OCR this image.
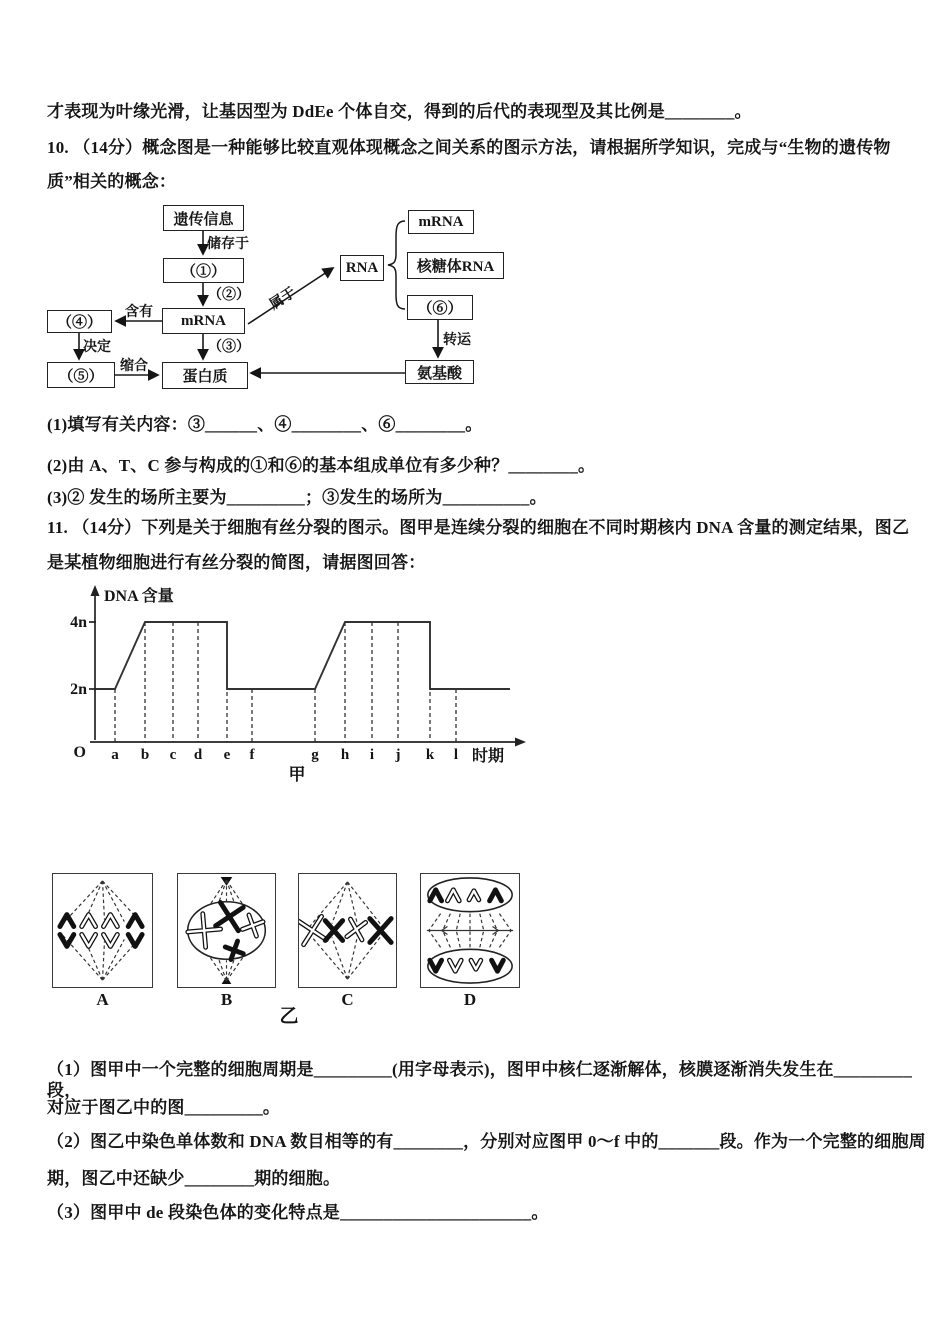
才表现为叶缘光滑，让基因型为 DdEe 个体自交，得到的后代的表现型及其比例是________。
10. （14分）概念图是一种能够比较直观体现概念之间关系的图示方法，请根据所学知识，完成与“生物的遗传物
质”相关的概念：
遗传信息
（①）
mRNA
（④）
（⑤）	蛋白质
RNA
mRNA
核糖体RNA
（⑥）
氨基酸
储存于
（②）
含有
（③）
决定
缩合
属于
转运
(1)填写有关内容：③______、④________、⑥________。
(2)由 A、T、C 参与构成的①和⑥的基本组成单位有多少种？________。
(3)② 发生的场所主要为_________；③发生的场所为__________。
11. （14分）下列是关于细胞有丝分裂的图示。图甲是连续分裂的细胞在不同时期核内 DNA 含量的测定结果，图乙
是某植物细胞进行有丝分裂的简图，请据图回答：
a b c d e f	g h i j k l
DNA 含量
4n
2n
O	时期
甲
A	B	C	D
乙
（1）图甲中一个完整的细胞周期是_________(用字母表示)，图甲中核仁逐渐解体，核膜逐渐消失发生在_________段，
对应于图乙中的图_________。
（2）图乙中染色单体数和 DNA 数目相等的有________，分别对应图甲 0～f 中的_______段。作为一个完整的细胞周
期，图乙中还缺少________期的细胞。
（3）图甲中 de 段染色体的变化特点是______________________。
